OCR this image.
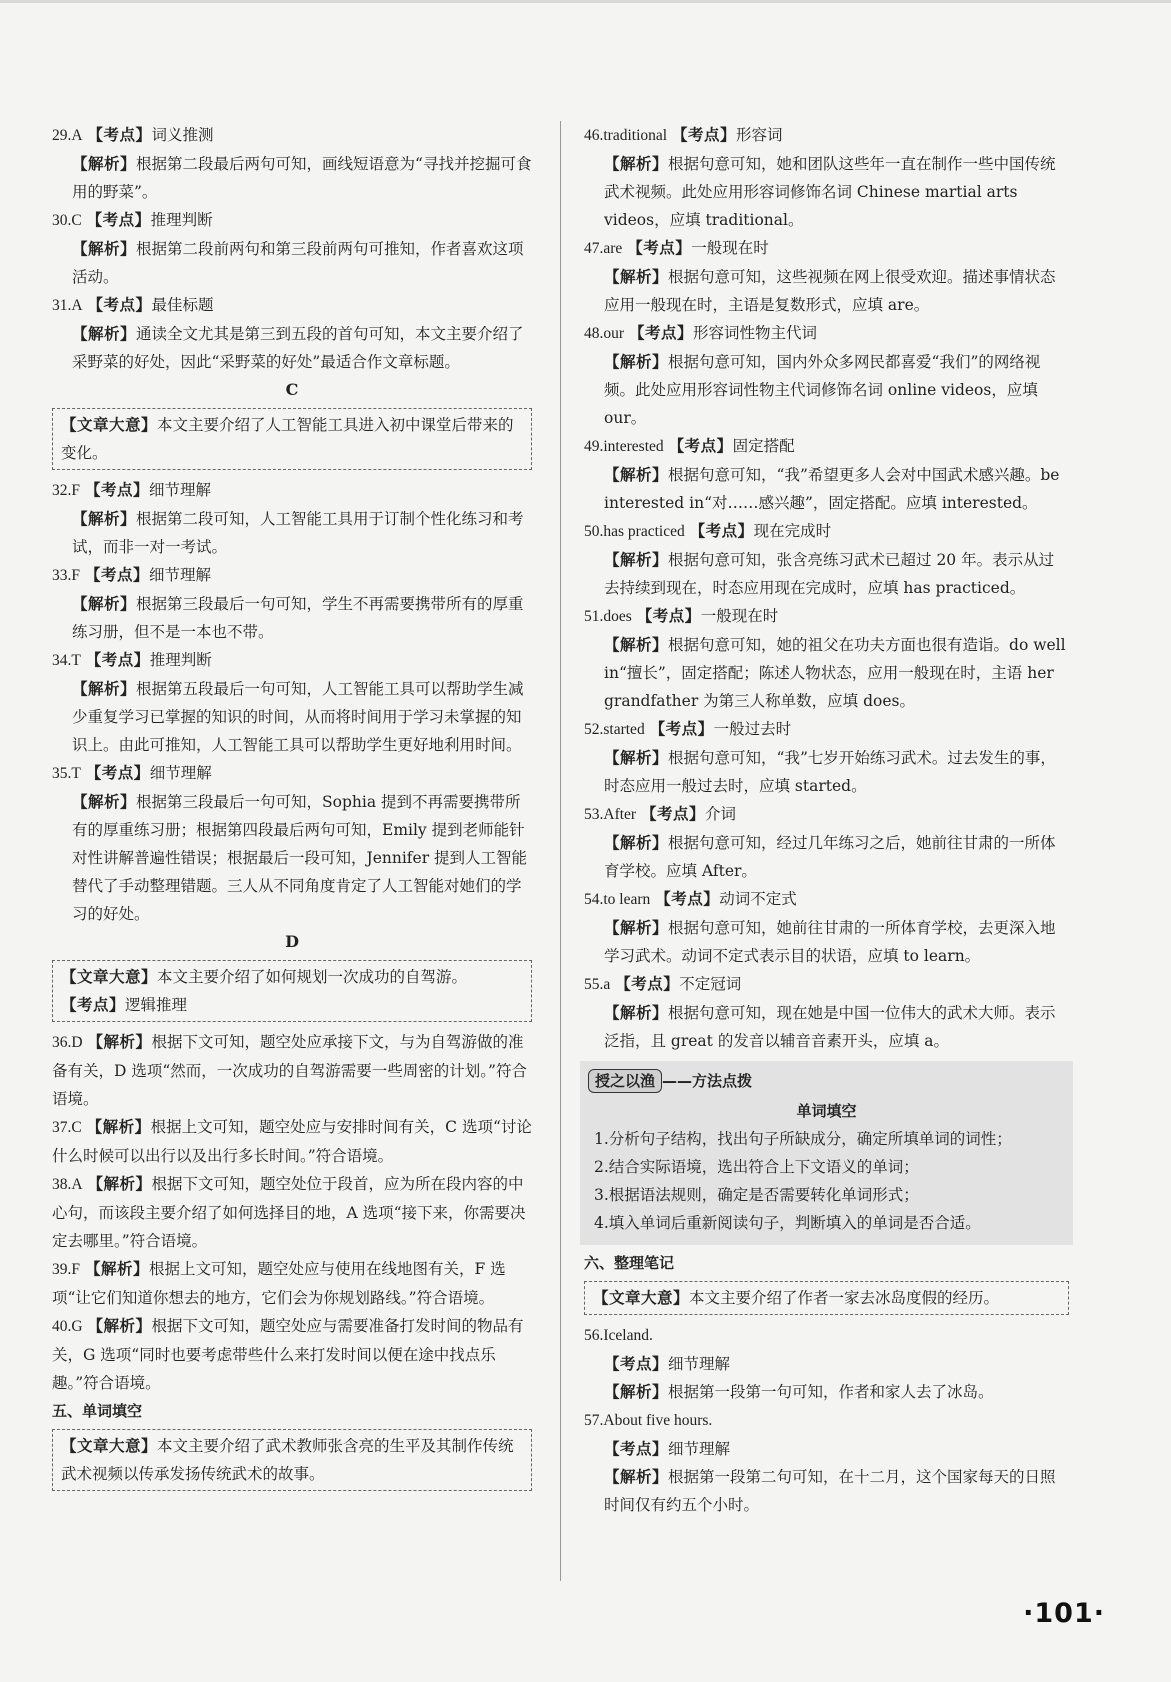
29.A 【考点】词义推测

【解析】根据第二段最后两句可知，画线短语意为“寻找并挖掘可食用的野菜”。

30.C 【考点】推理判断

【解析】根据第二段前两句和第三段前两句可推知，作者喜欢这项活动。

31.A 【考点】最佳标题

【解析】通读全文尤其是第三到五段的首句可知，本文主要介绍了采野菜的好处，因此“采野菜的好处”最适合作文章标题。

C

【文章大意】本文主要介绍了人工智能工具进入初中课堂后带来的变化。

32.F 【考点】细节理解

【解析】根据第二段可知，人工智能工具用于订制个性化练习和考试，而非一对一考试。

33.F 【考点】细节理解

【解析】根据第三段最后一句可知，学生不再需要携带所有的厚重练习册，但不是一本也不带。

34.T 【考点】推理判断

【解析】根据第五段最后一句可知，人工智能工具可以帮助学生减少重复学习已掌握的知识的时间，从而将时间用于学习未掌握的知识上。由此可推知，人工智能工具可以帮助学生更好地利用时间。

35.T 【考点】细节理解

【解析】根据第三段最后一句可知，Sophia 提到不再需要携带所有的厚重练习册；根据第四段最后两句可知，Emily 提到老师能针对性讲解普遍性错误；根据最后一段可知，Jennifer 提到人工智能替代了手动整理错题。三人从不同角度肯定了人工智能对她们的学习的好处。

D

【文章大意】本文主要介绍了如何规划一次成功的自驾游。
【考点】逻辑推理

36.D 【解析】根据下文可知，题空处应承接下文，与为自驾游做的准备有关，D 选项“然而，一次成功的自驾游需要一些周密的计划。”符合语境。

37.C 【解析】根据上文可知，题空处应与安排时间有关，C 选项“讨论什么时候可以出行以及出行多长时间。”符合语境。

38.A 【解析】根据下文可知，题空处位于段首，应为所在段内容的中心句，而该段主要介绍了如何选择目的地，A 选项“接下来，你需要决定去哪里。”符合语境。

39.F 【解析】根据上文可知，题空处应与使用在线地图有关，F 选项“让它们知道你想去的地方，它们会为你规划路线。”符合语境。

40.G 【解析】根据下文可知，题空处应与需要准备打发时间的物品有关，G 选项“同时也要考虑带些什么来打发时间以便在途中找点乐趣。”符合语境。

五、单词填空

【文章大意】本文主要介绍了武术教师张含亮的生平及其制作传统武术视频以传承发扬传统武术的故事。

46.traditional 【考点】形容词

【解析】根据句意可知，她和团队这些年一直在制作一些中国传统武术视频。此处应用形容词修饰名词 Chinese martial arts videos，应填 traditional。

47.are 【考点】一般现在时

【解析】根据句意可知，这些视频在网上很受欢迎。描述事情状态应用一般现在时，主语是复数形式，应填 are。

48.our 【考点】形容词性物主代词

【解析】根据句意可知，国内外众多网民都喜爱“我们”的网络视频。此处应用形容词性物主代词修饰名词 online videos，应填 our。

49.interested 【考点】固定搭配

【解析】根据句意可知，“我”希望更多人会对中国武术感兴趣。be interested in“对……感兴趣”，固定搭配。应填 interested。

50.has practiced 【考点】现在完成时

【解析】根据句意可知，张含亮练习武术已超过 20 年。表示从过去持续到现在，时态应用现在完成时，应填 has practiced。

51.does 【考点】一般现在时

【解析】根据句意可知，她的祖父在功夫方面也很有造诣。do well in“擅长”，固定搭配；陈述人物状态，应用一般现在时，主语 her grandfather 为第三人称单数，应填 does。

52.started 【考点】一般过去时

【解析】根据句意可知，“我”七岁开始练习武术。过去发生的事，时态应用一般过去时，应填 started。

53.After 【考点】介词

【解析】根据句意可知，经过几年练习之后，她前往甘肃的一所体育学校。应填 After。

54.to learn 【考点】动词不定式

【解析】根据句意可知，她前往甘肃的一所体育学校，去更深入地学习武术。动词不定式表示目的状语，应填 to learn。

55.a 【考点】不定冠词

【解析】根据句意可知，现在她是中国一位伟大的武术大师。表示泛指，且 great 的发音以辅音音素开头，应填 a。

授之以渔 ——方法点拨

单词填空

1.分析句子结构，找出句子所缺成分，确定所填单词的词性；

2.结合实际语境，选出符合上下文语义的单词；

3.根据语法规则，确定是否需要转化单词形式；

4.填入单词后重新阅读句子，判断填入的单词是否合适。

六、整理笔记

【文章大意】本文主要介绍了作者一家去冰岛度假的经历。

56.Iceland.

【考点】细节理解

【解析】根据第一段第一句可知，作者和家人去了冰岛。

57.About five hours.

【考点】细节理解

【解析】根据第一段第二句可知，在十二月，这个国家每天的日照时间仅有约五个小时。

·101·
